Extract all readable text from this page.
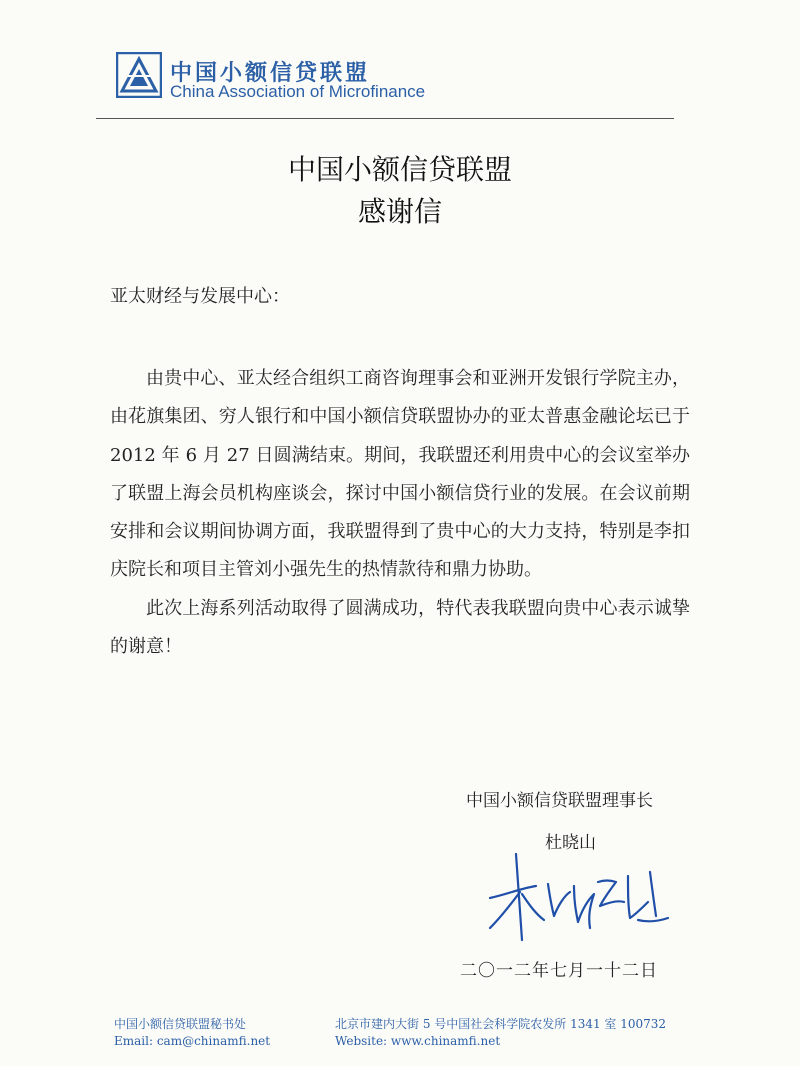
中国小额信贷联盟
China Association of Microfinance
中国小额信贷联盟
感谢信
亚太财经与发展中心：

由贵中心、亚太经合组织工商咨询理事会和亚洲开发银行学院主办，由花旗集团、穷人银行和中国小额信贷联盟协办的亚太普惠金融论坛已于 2012 年 6 月 27 日圆满结束。期间，我联盟还利用贵中心的会议室举办了联盟上海会员机构座谈会，探讨中国小额信贷行业的发展。在会议前期安排和会议期间协调方面，我联盟得到了贵中心的大力支持，特别是李扣庆院长和项目主管刘小强先生的热情款待和鼎力协助。

此次上海系列活动取得了圆满成功，特代表我联盟向贵中心表示诚挚的谢意！

中国小额信贷联盟理事长
杜晓山
二〇一二年七月一十二日
中国小额信贷联盟秘书处
Email: cam@chinamfi.net
北京市建内大街 5 号中国社会科学院农发所 1341 室 100732
Website: www.chinamfi.net
